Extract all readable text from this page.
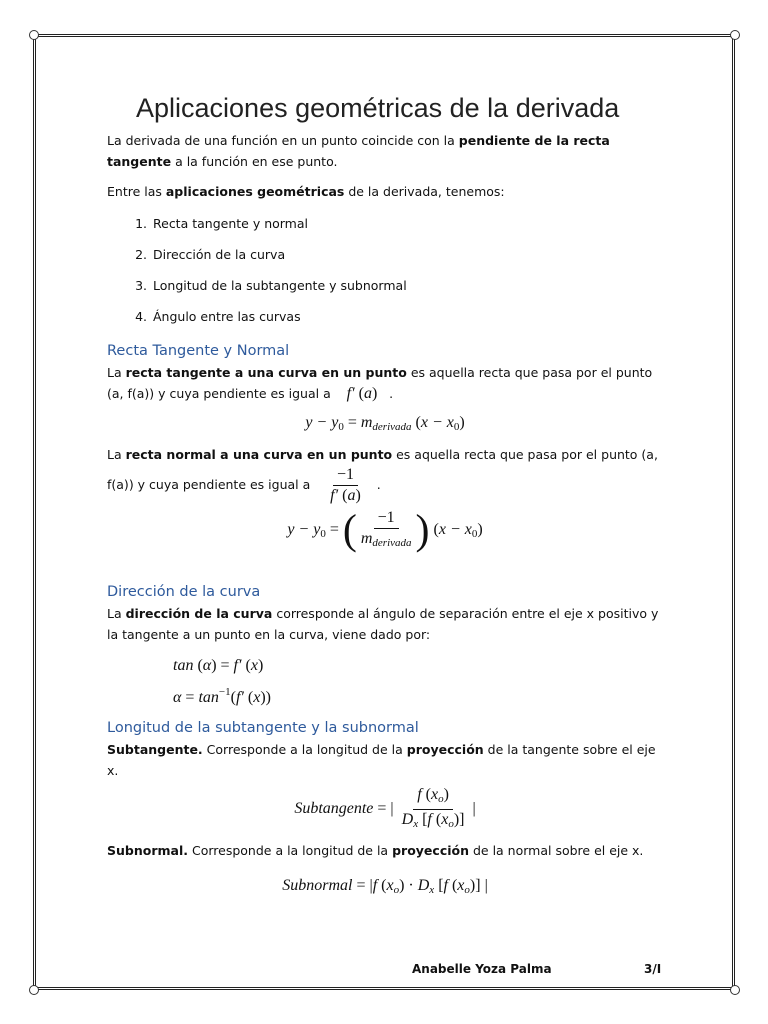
Aplicaciones geométricas de la derivada

La derivada de una función en un punto coincide con la pendiente de la recta tangente a la función en ese punto.

Entre las aplicaciones geométricas de la derivada, tenemos:

1. Recta tangente y normal
2. Dirección de la curva
3. Longitud de la subtangente y subnormal
4. Ángulo entre las curvas
Recta Tangente y Normal

La recta tangente a una curva en un punto es aquella recta que pasa por el punto (a, f(a)) y cuya pendiente es igual a f′ (a)   .

$y - y_0 = m_{derivada}$ $(x - x_0)$

La recta normal a una curva en un punto es aquella recta que pasa por el punto (a, f(a)) y cuya pendiente es igual a $\frac{-1}{f' (a)}$ .

$y - y_0$ = ( $\frac{-1}{m_{derivada}}$ ) $(x - x_0)$
Dirección de la curva

La dirección de la curva corresponde al ángulo de separación entre el eje x positivo y la tangente a un punto en la curva, viene dado por:

tan (α) = f′ (x)
$\alpha = \tan^{-1}(f'$ (x))
Longitud de la subtangente y la subnormal

Subtangente. Corresponde a la longitud de la proyección de la tangente sobre el eje x.

Subtangente = | $\frac{f (x_o)}{D_x [f (x_o)]}$ |

Subnormal. Corresponde a la longitud de la proyección de la normal sobre el eje x.

Subnormal = |f $(x_o) \cdot D_x$ [f $(x_o)$] |
Anabelle Yoza Palma	3/I
